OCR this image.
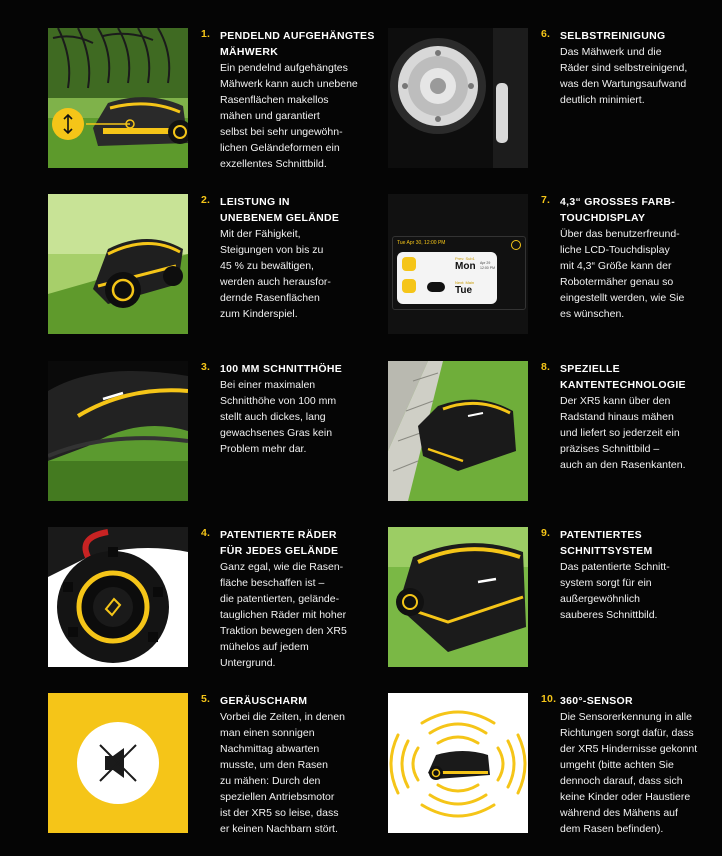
1. PENDELND AUFGEHÄNGTES
MÄHWERK
Ein pendelnd aufgehängtes
Mähwerk kann auch unebene
Rasenflächen makellos
mähen und garantiert
selbst bei sehr ungewöhn-
lichen Geländeformen ein
exzellentes Schnittbild.
2. LEISTUNG IN
UNEBENEM GELÄNDE
Mit der Fähigkeit,
Steigungen von bis zu
45 % zu bewältigen,
werden auch herausfor-
dernde Rasenflächen
zum Kinderspiel.
3. 100 MM SCHNITTHÖHE
Bei einer maximalen
Schnitthöhe von 100 mm
stellt auch dickes, lang
gewachsenes Gras kein
Problem mehr dar.
4. PATENTIERTE RÄDER
FÜR JEDES GELÄNDE
Ganz egal, wie die Rasen-
fläche beschaffen ist –
die patentierten, gelände-
tauglichen Räder mit hoher
Traktion bewegen den XR5
mühelos auf jedem
Untergrund.
5. GERÄUSCHARM
Vorbei die Zeiten, in denen
man einen sonnigen
Nachmittag abwarten
musste, um den Rasen
zu mähen: Durch den
speziellen Antriebsmotor
ist der XR5 so leise, dass
er keinen Nachbarn stört.
6. SELBSTREINIGUNG
Das Mähwerk und die
Räder sind selbstreinigend,
was den Wartungsaufwand
deutlich minimiert.
Tue Apr 30, 12:00 PM
Prev: Sub1
Mon Apr 29
12:00 PM
Next: Main
Tue
7. 4,3“ GROSSES FARB-
TOUCHDISPLAY
Über das benutzerfreund-
liche LCD-Touchdisplay
mit 4,3“ Größe kann der
Robotermäher genau so
eingestellt werden, wie Sie
es wünschen.
8. SPEZIELLE
KANTENTECHNOLOGIE
Der XR5 kann über den
Radstand hinaus mähen
und liefert so jederzeit ein
präzises Schnittbild –
auch an den Rasenkanten.
9. PATENTIERTES
SCHNITTSYSTEM
Das patentierte Schnitt-
system sorgt für ein
außergewöhnlich
sauberes Schnittbild.
10. 360°-SENSOR
Die Sensorerkennung in alle
Richtungen sorgt dafür, dass
der XR5 Hindernisse gekonnt
umgeht (bitte achten Sie
dennoch darauf, dass sich
keine Kinder oder Haustiere
während des Mähens auf
dem Rasen befinden).
